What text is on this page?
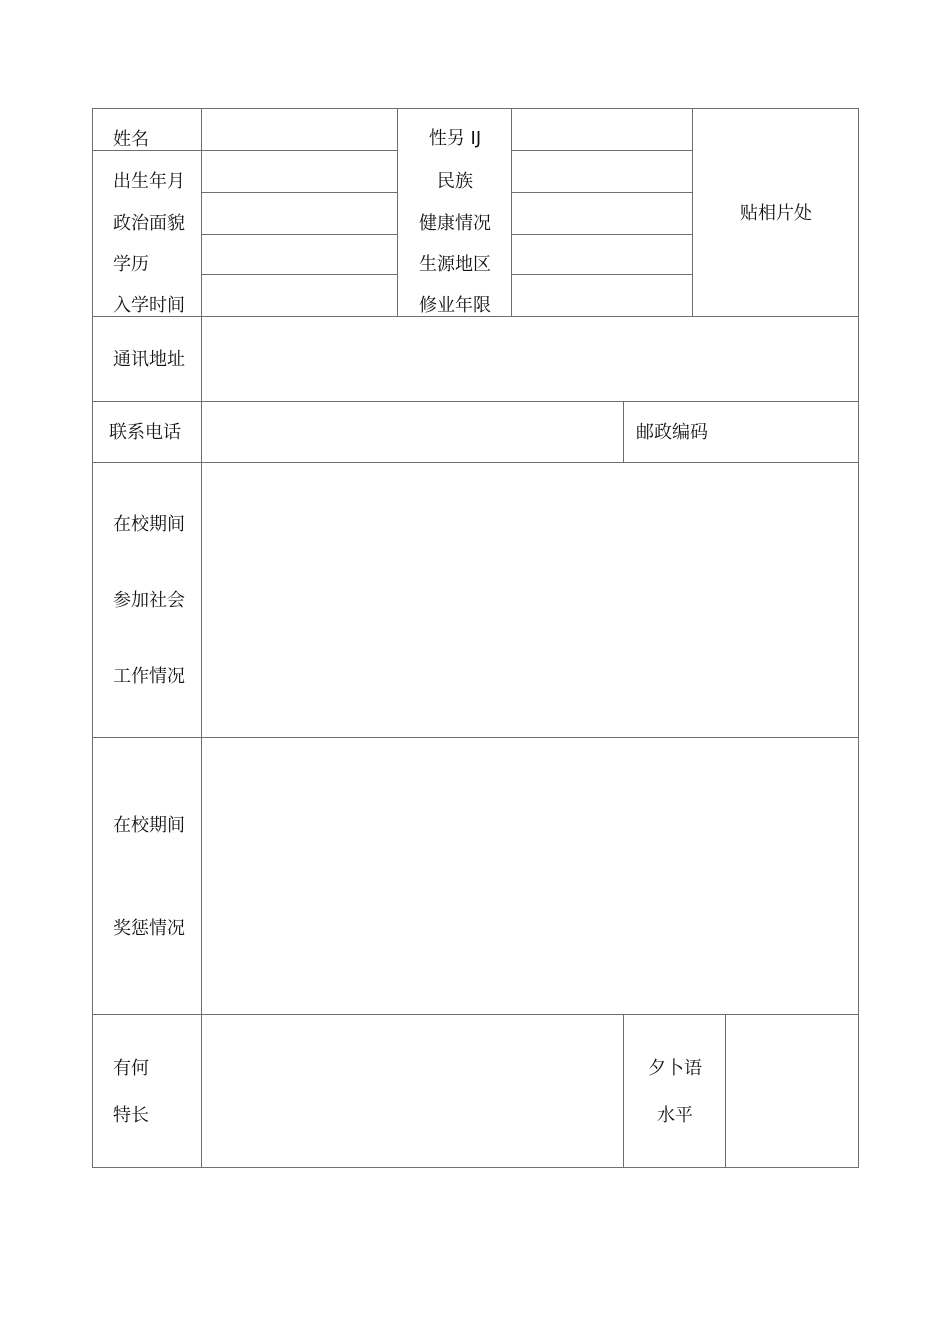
姓名
出生年月
政治面貌
学历
入学时间
性另 IJ
民族
健康情况
生源地区
修业年限
贴相片处
通讯地址
联系电话	邮政编码
在校期间
参加社会
工作情况
在校期间
奖惩情况
有何
特长
夕卜语
水平
